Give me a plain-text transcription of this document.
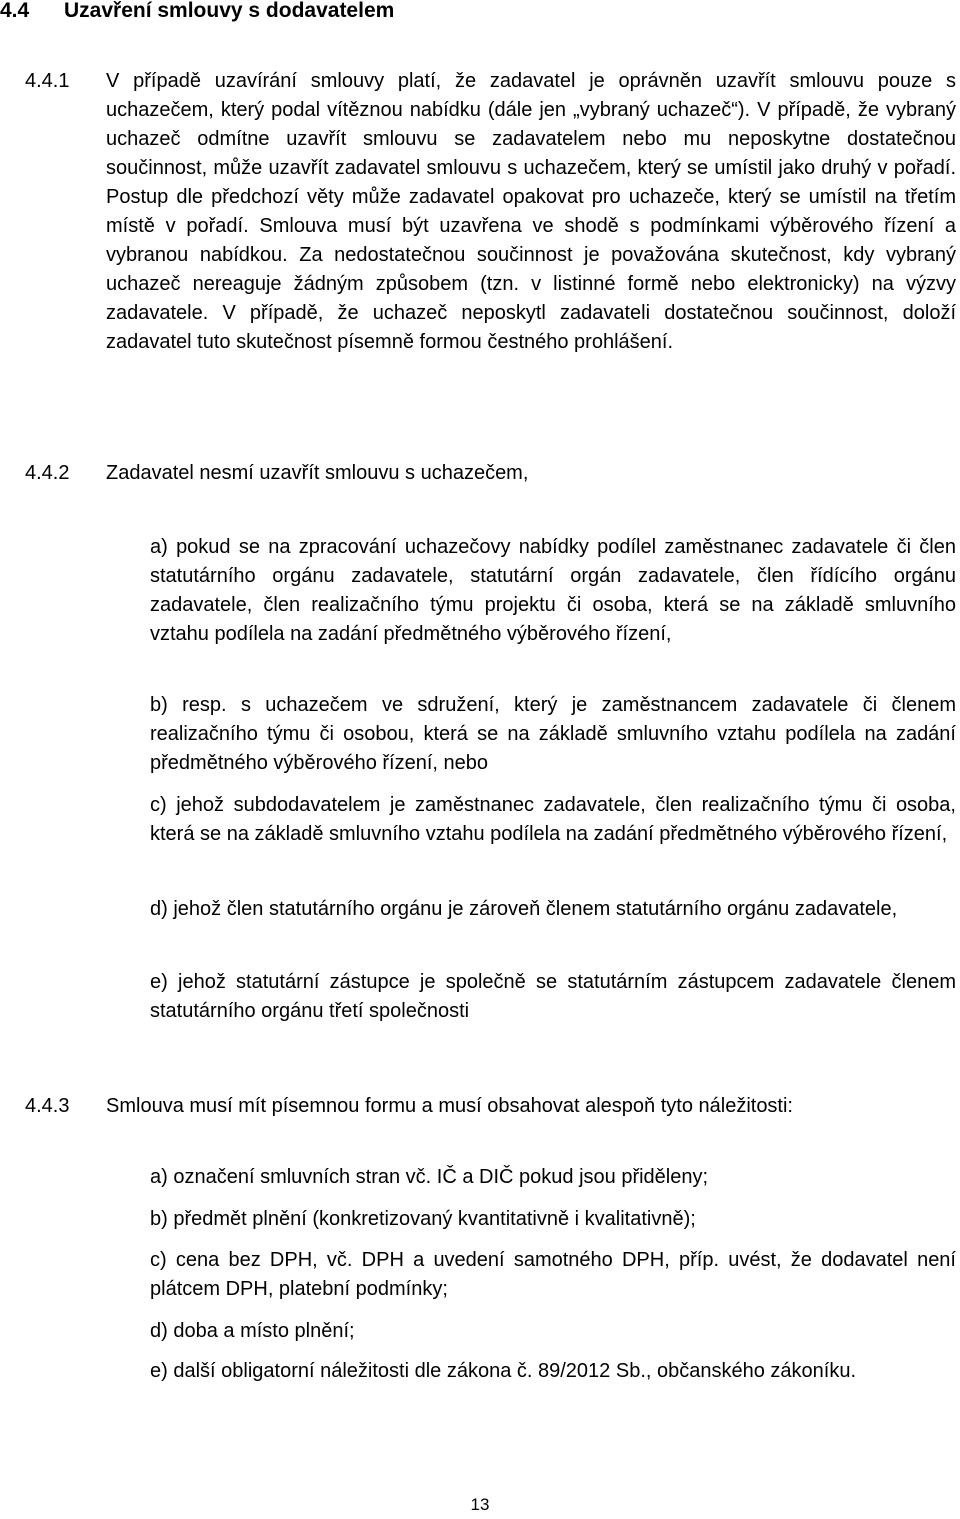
4.4 Uzavření smlouvy s dodavatelem
4.4.1 V případě uzavírání smlouvy platí, že zadavatel je oprávněn uzavřít smlouvu pouze s uchazečem, který podal vítěznou nabídku (dále jen „vybraný uchazeč“). V případě, že vybraný uchazeč odmítne uzavřít smlouvu se zadavatelem nebo mu neposkytne dostatečnou součinnost, může uzavřít zadavatel smlouvu s uchazečem, který se umístil jako druhý v pořadí. Postup dle předchozí věty může zadavatel opakovat pro uchazeče, který se umístil na třetím místě v pořadí. Smlouva musí být uzavřena ve shodě s podmínkami výběrového řízení a vybranou nabídkou. Za nedostatečnou součinnost je považována skutečnost, kdy vybraný uchazeč nereaguje žádným způsobem (tzn. v listinné formě nebo elektronicky) na výzvy zadavatele. V případě, že uchazeč neposkytl zadavateli dostatečnou součinnost, doloží zadavatel tuto skutečnost písemně formou čestného prohlášení.

4.4.2 Zadavatel nesmí uzavřít smlouvu s uchazečem,

a) pokud se na zpracování uchazečovy nabídky podílel zaměstnanec zadavatele či člen statutárního orgánu zadavatele, statutární orgán zadavatele, člen řídícího orgánu zadavatele, člen realizačního týmu projektu či osoba, která se na základě smluvního vztahu podílela na zadání předmětného výběrového řízení,

b) resp. s uchazečem ve sdružení, který je zaměstnancem zadavatele či členem realizačního týmu či osobou, která se na základě smluvního vztahu podílela na zadání předmětného výběrového řízení, nebo

c) jehož subdodavatelem je zaměstnanec zadavatele, člen realizačního týmu či osoba, která se na základě smluvního vztahu podílela na zadání předmětného výběrového řízení,

d) jehož člen statutárního orgánu je zároveň členem statutárního orgánu zadavatele,

e) jehož statutární zástupce je společně se statutárním zástupcem zadavatele členem statutárního orgánu třetí společnosti

4.4.3 Smlouva musí mít písemnou formu a musí obsahovat alespoň tyto náležitosti:

a) označení smluvních stran vč. IČ a DIČ pokud jsou přiděleny;

b) předmět plnění (konkretizovaný kvantitativně i kvalitativně);

c) cena bez DPH, vč. DPH a uvedení samotného DPH, příp. uvést, že dodavatel není plátcem DPH, platební podmínky;

d) doba a místo plnění;

e) další obligatorní náležitosti dle zákona č. 89/2012 Sb., občanského zákoníku.

13
